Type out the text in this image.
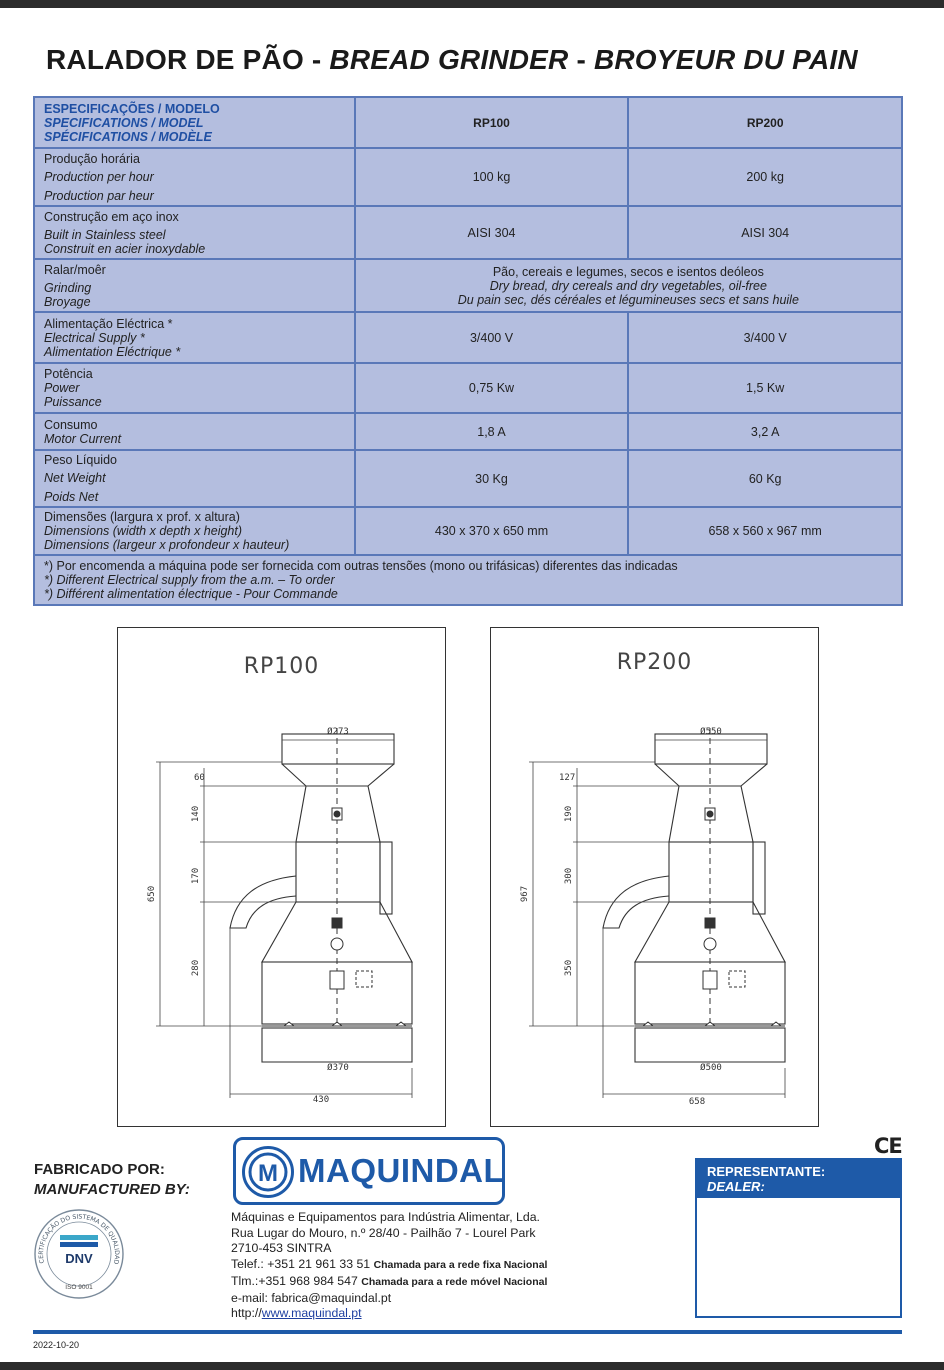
RALADOR DE PÃO - BREAD GRINDER - BROYEUR DU PAIN
ESPECIFICAÇÕES / MODELO
SPECIFICATIONS / MODEL
SPÉCIFICATIONS / MODÈLE	RP100	RP200

Produção horária
Production per hour
Production par heur	100 kg	200 kg

Construção em aço inox
Built in Stainless steel
Construit en acier inoxydable	AISI 304	AISI 304

Ralar/moêr
Grinding
Broyage	Pão, cereais e legumes, secos e isentos deóleos
Dry bread, dry cereals and dry vegetables, oil-free
Du pain sec, dés céréales et légumineuses secs et sans huile	

Alimentação Eléctrica *
Electrical Supply *
Alimentation Eléctrique *	3/400 V	3/400 V

Potência
Power
Puissance	0,75 Kw	1,5 Kw

Consumo
Motor Current	1,8 A	3,2 A

Peso Líquido
Net Weight
Poids Net	30 Kg	60 Kg

Dimensões (largura x prof. x altura)
Dimensions (width x depth x height)
Dimensions (largeur x profondeur x hauteur)	430 x 370 x 650 mm	658 x 560 x 967 mm

*) Por encomenda a máquina pode ser fornecida com outras tensões (mono ou trifásicas) diferentes das indicadas
*) Different Electrical supply from the a.m. – To order
*) Différent alimentation électrique - Pour Commande		
RP100
Ø273
Ø370
430
650
60
140
170
280
RP200
Ø550
Ø500
658
967
127
190
300
350
CE
FABRICADO POR:
MANUFACTURED BY:
CERTIFICAÇÃO DO SISTEMA DE QUALIDAD
DNV
ISO 9001
M MAQUINDAL
Máquinas e Equipamentos para Indústria Alimentar, Lda.
Rua Lugar do Mouro, n.º 28/40 - Pailhão 7 - Lourel Park
2710-453 SINTRA
Telef.: +351 21 961 33 51 Chamada para a rede fixa Nacional
Tlm.:+351 968 984 547 Chamada para a rede móvel Nacional
e-mail: fabrica@maquindal.pt
http://www.maquindal.pt
REPRESENTANTE:
DEALER:
2022-10-20
